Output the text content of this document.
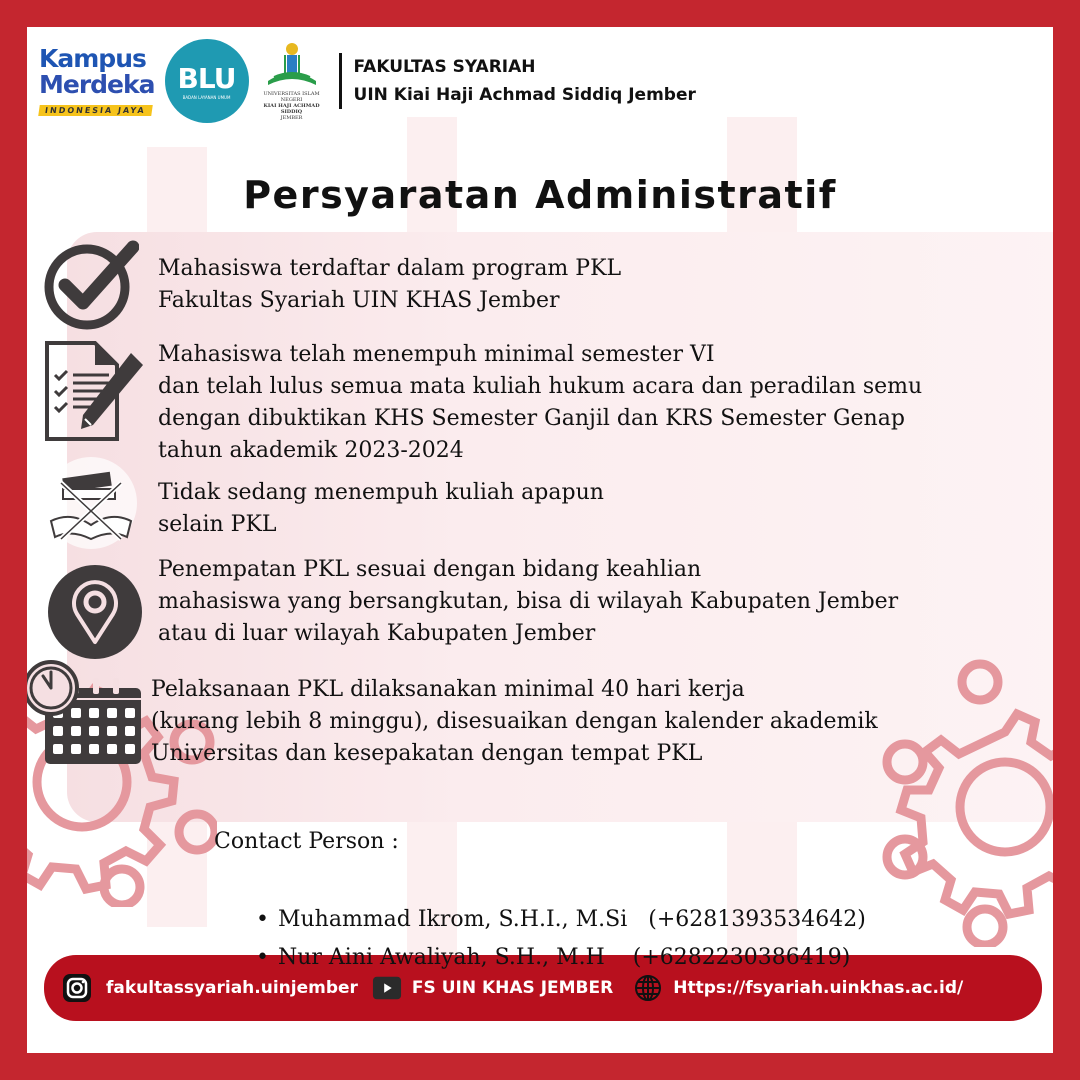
Kampus
Merdeka
INDONESIA JAYA
BLU
BADAN LAYANAN UMUM
UNIVERSITAS ISLAM NEGERI
KIAI HAJI ACHMAD SIDDIQ
JEMBER
FAKULTAS SYARIAH
UIN Kiai Haji Achmad Siddiq Jember
Persyaratan Administratif
Mahasiswa terdaftar dalam program PKL
Fakultas Syariah UIN KHAS Jember
Mahasiswa telah menempuh minimal semester VI
dan telah lulus semua mata kuliah hukum acara dan peradilan semu
dengan dibuktikan KHS Semester Ganjil dan KRS Semester Genap
tahun akademik 2023-2024
Tidak sedang menempuh kuliah apapun
selain PKL
Penempatan PKL sesuai dengan bidang keahlian
mahasiswa yang bersangkutan, bisa di wilayah Kabupaten Jember
atau di luar wilayah Kabupaten Jember
Pelaksanaan PKL dilaksanakan minimal 40 hari kerja
(kurang lebih 8 minggu), disesuaikan dengan kalender akademik
Universitas dan kesepakatan dengan tempat PKL
Contact Person :

• Muhammad Ikrom, S.H.I., M.Si (+6281393534642)

• Nur Aini Awaliyah, S.H., M.H (+6282230386419)

fakultassyariah.uinjember	FS UIN KHAS JEMBER	Https://fsyariah.uinkhas.ac.id/
